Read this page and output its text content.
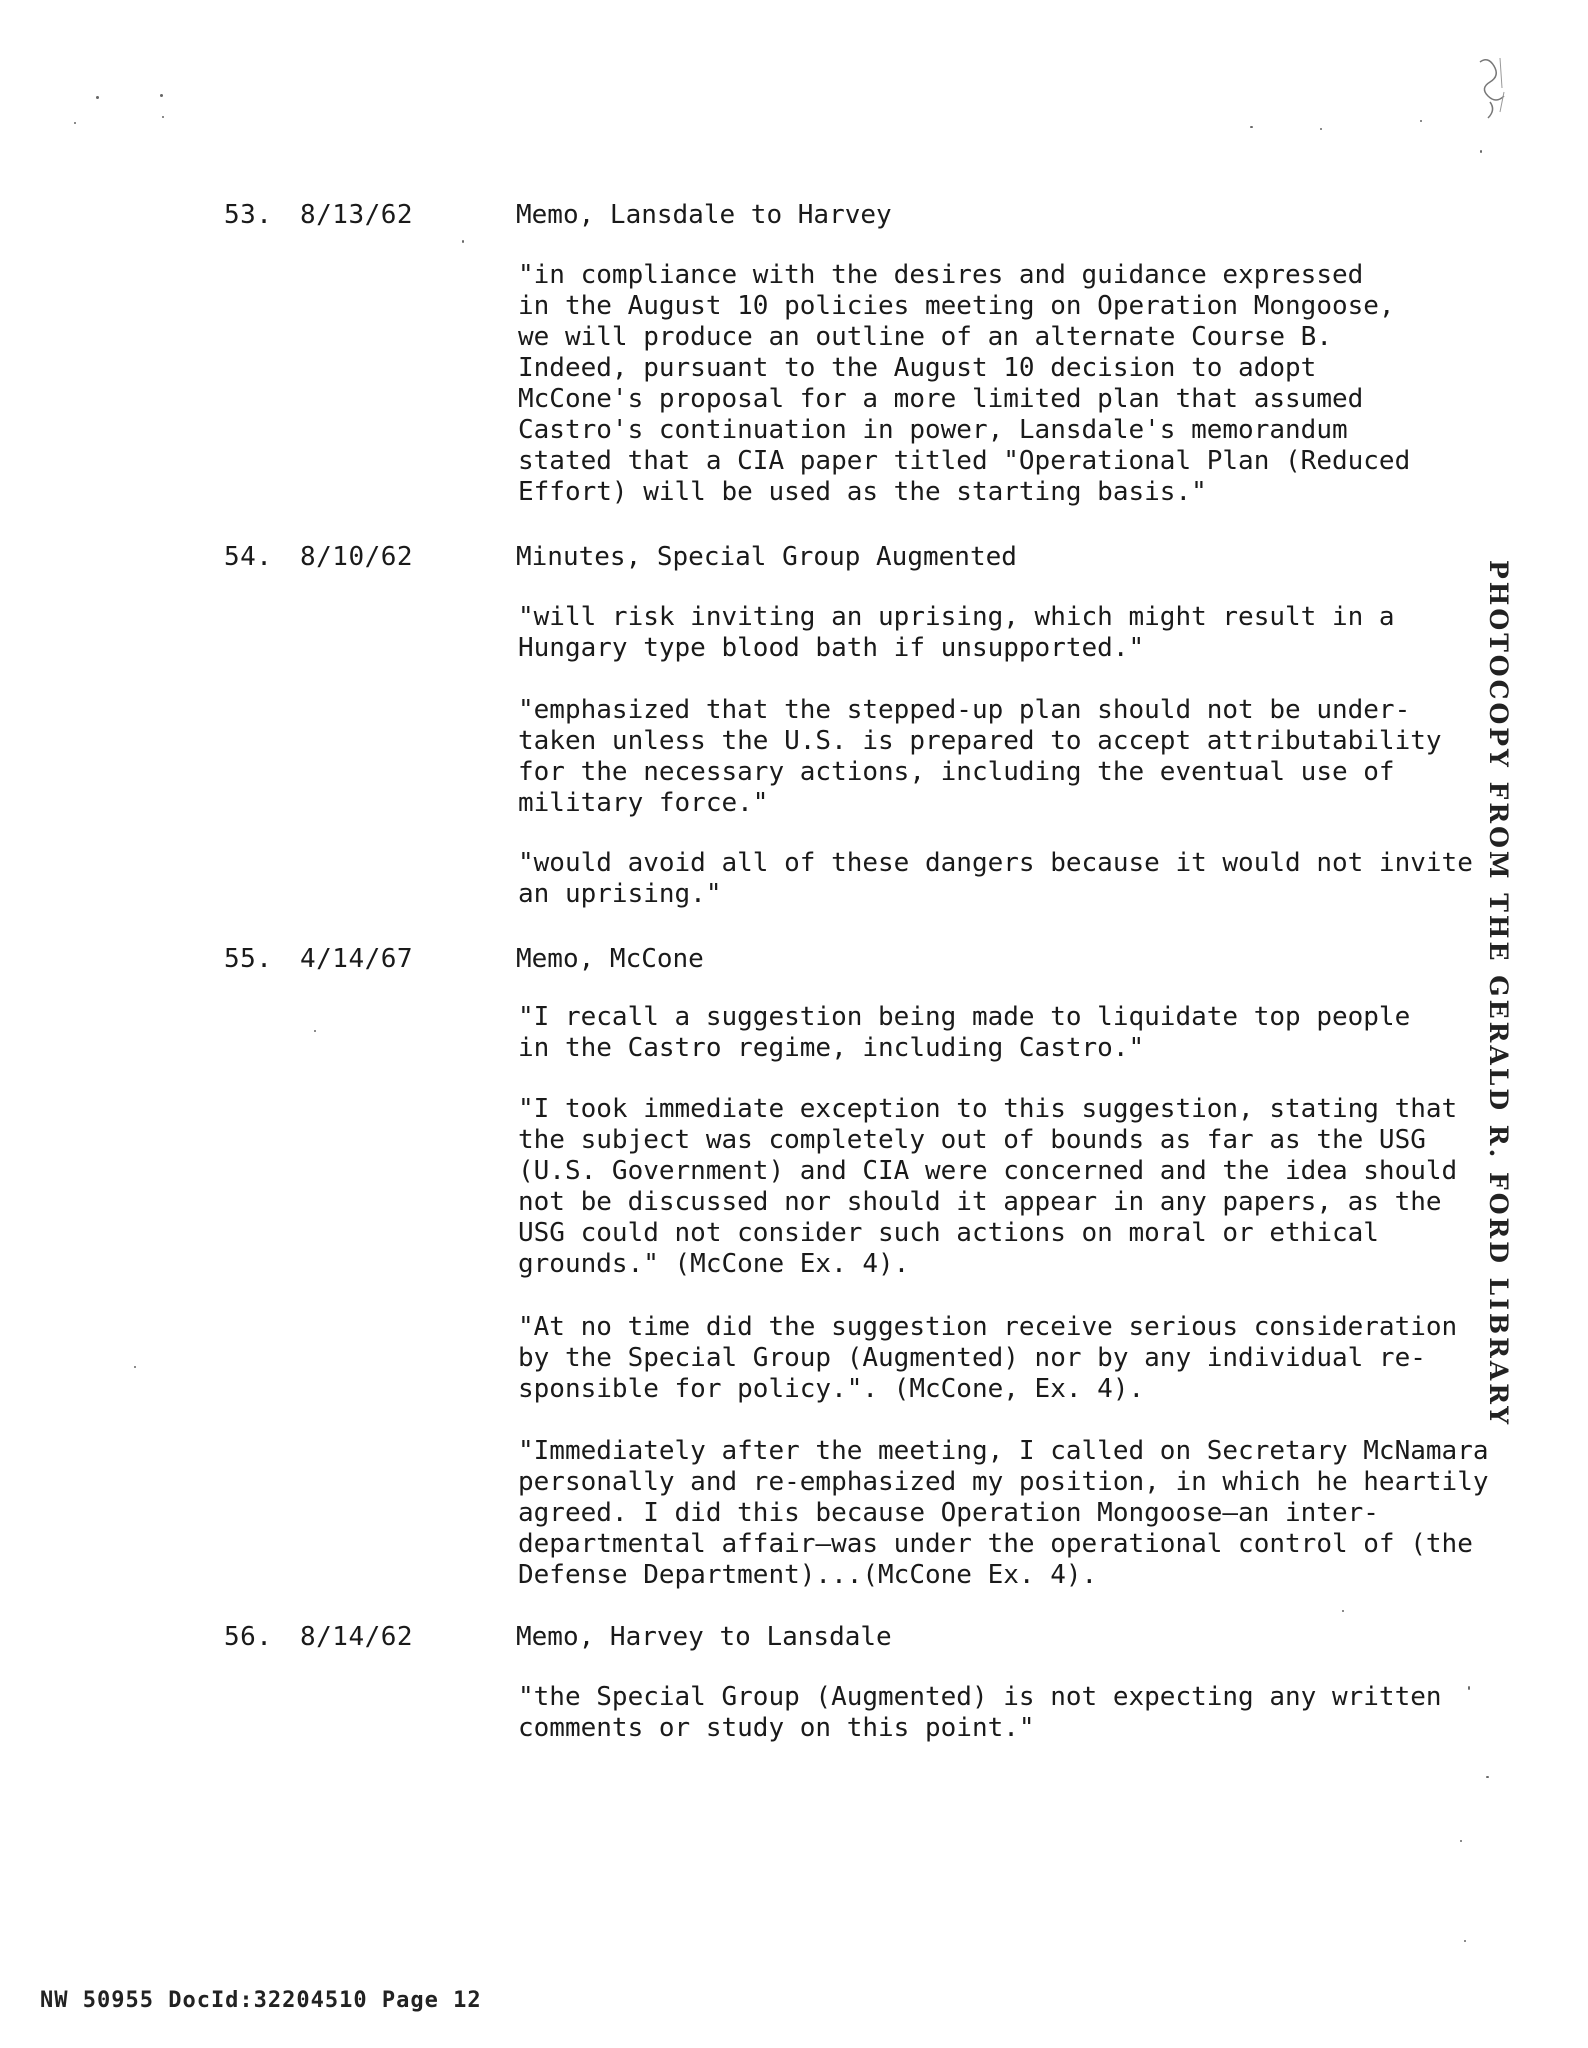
53. 8/13/62	Memo, Lansdale to Harvey
"in compliance with the desires and guidance expressed
in the August 10 policies meeting on Operation Mongoose,
we will produce an outline of an alternate Course B.
Indeed, pursuant to the August 10 decision to adopt
McCone's proposal for a more limited plan that assumed
Castro's continuation in power, Lansdale's memorandum
stated that a CIA paper titled "Operational Plan (Reduced
Effort) will be used as the starting basis."
54. 8/10/62	Minutes, Special Group Augmented
"will risk inviting an uprising, which might result in a
Hungary type blood bath if unsupported."
"emphasized that the stepped-up plan should not be under-
taken unless the U.S. is prepared to accept attributability
for the necessary actions, including the eventual use of
military force."
"would avoid all of these dangers because it would not invite
an uprising."
55. 4/14/67	Memo, McCone
"I recall a suggestion being made to liquidate top people
in the Castro regime, including Castro."
"I took immediate exception to this suggestion, stating that
the subject was completely out of bounds as far as the USG
(U.S. Government) and CIA were concerned and the idea should
not be discussed nor should it appear in any papers, as the
USG could not consider such actions on moral or ethical
grounds." (McCone Ex. 4).
"At no time did the suggestion receive serious consideration
by the Special Group (Augmented) nor by any individual re-
sponsible for policy.". (McCone, Ex. 4).
"Immediately after the meeting, I called on Secretary McNamara
personally and re-emphasized my position, in which he heartily
agreed. I did this because Operation Mongoose—an inter-
departmental affair—was under the operational control of (the
Defense Department)...(McCone Ex. 4).
56. 8/14/62	Memo, Harvey to Lansdale
"the Special Group (Augmented) is not expecting any written
comments or study on this point."
PHOTOCOPY FROM THE GERALD R. FORD LIBRARY
NW 50955 DocId:32204510 Page 12
